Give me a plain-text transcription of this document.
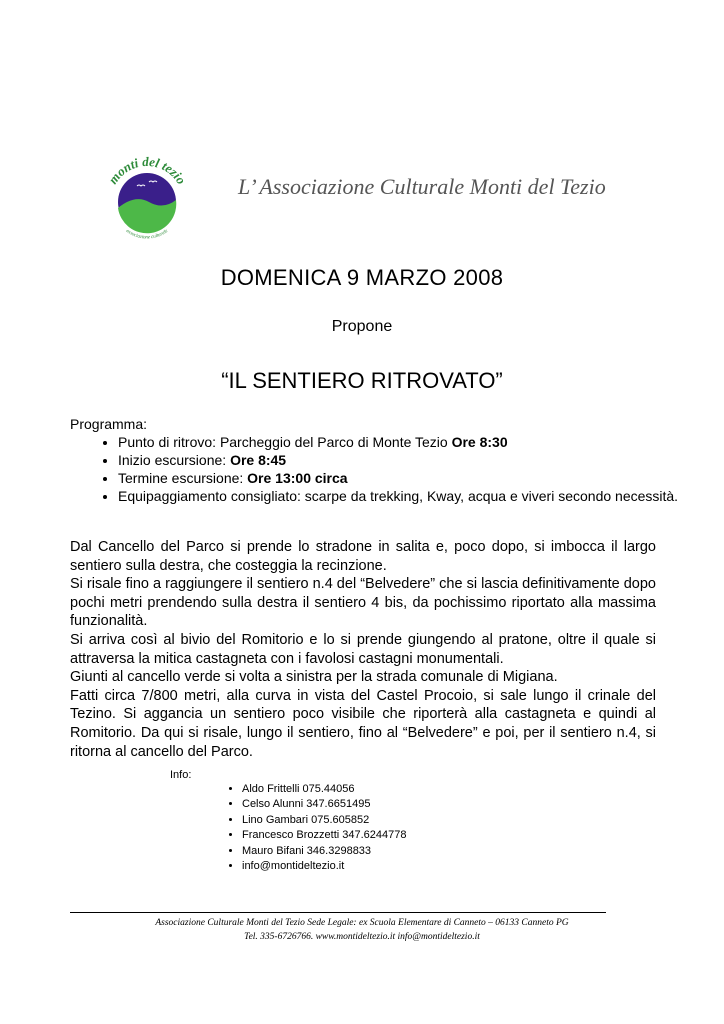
monti del tezio
associazione culturale
L’ Associazione Culturale Monti del Tezio
DOMENICA 9 MARZO 2008
Propone
“IL SENTIERO RITROVATO”
Programma:
• Punto di ritrovo: Parcheggio del Parco di Monte Tezio Ore 8:30
• Inizio escursione: Ore 8:45
• Termine escursione: Ore 13:00 circa
• Equipaggiamento consigliato: scarpe da trekking, Kway, acqua e viveri secondo necessità.

Dal Cancello del Parco si prende lo stradone in salita e, poco dopo, si imbocca il largo sentiero sulla destra, che costeggia la recinzione.

Si risale fino a raggiungere il sentiero n.4 del “Belvedere” che si lascia definitivamente dopo pochi metri prendendo sulla destra il sentiero 4 bis, da pochissimo riportato alla massima funzionalità.

Si arriva così al bivio del Romitorio e lo si prende giungendo al pratone, oltre il quale si attraversa la mitica castagneta con i favolosi castagni monumentali.

Giunti al cancello verde si volta a sinistra per la strada comunale di Migiana.

Fatti circa 7/800 metri, alla curva in vista del Castel Procoio, si sale lungo il crinale del Tezino. Si aggancia un sentiero poco visibile che riporterà alla castagneta e quindi al Romitorio. Da qui si risale, lungo il sentiero, fino al “Belvedere” e poi, per il sentiero n.4, si ritorna al cancello del Parco.

Info:
• Aldo Frittelli 075.44056
• Celso Alunni 347.6651495
• Lino Gambari 075.605852
• Francesco Brozzetti 347.6244778
• Mauro Bifani 346.3298833
• info@montideltezio.it
Associazione Culturale Monti del Tezio Sede Legale: ex Scuola Elementare di Canneto – 06133 Canneto PG
Tel. 335-6726766. www.montideltezio.it info@montideltezio.it
